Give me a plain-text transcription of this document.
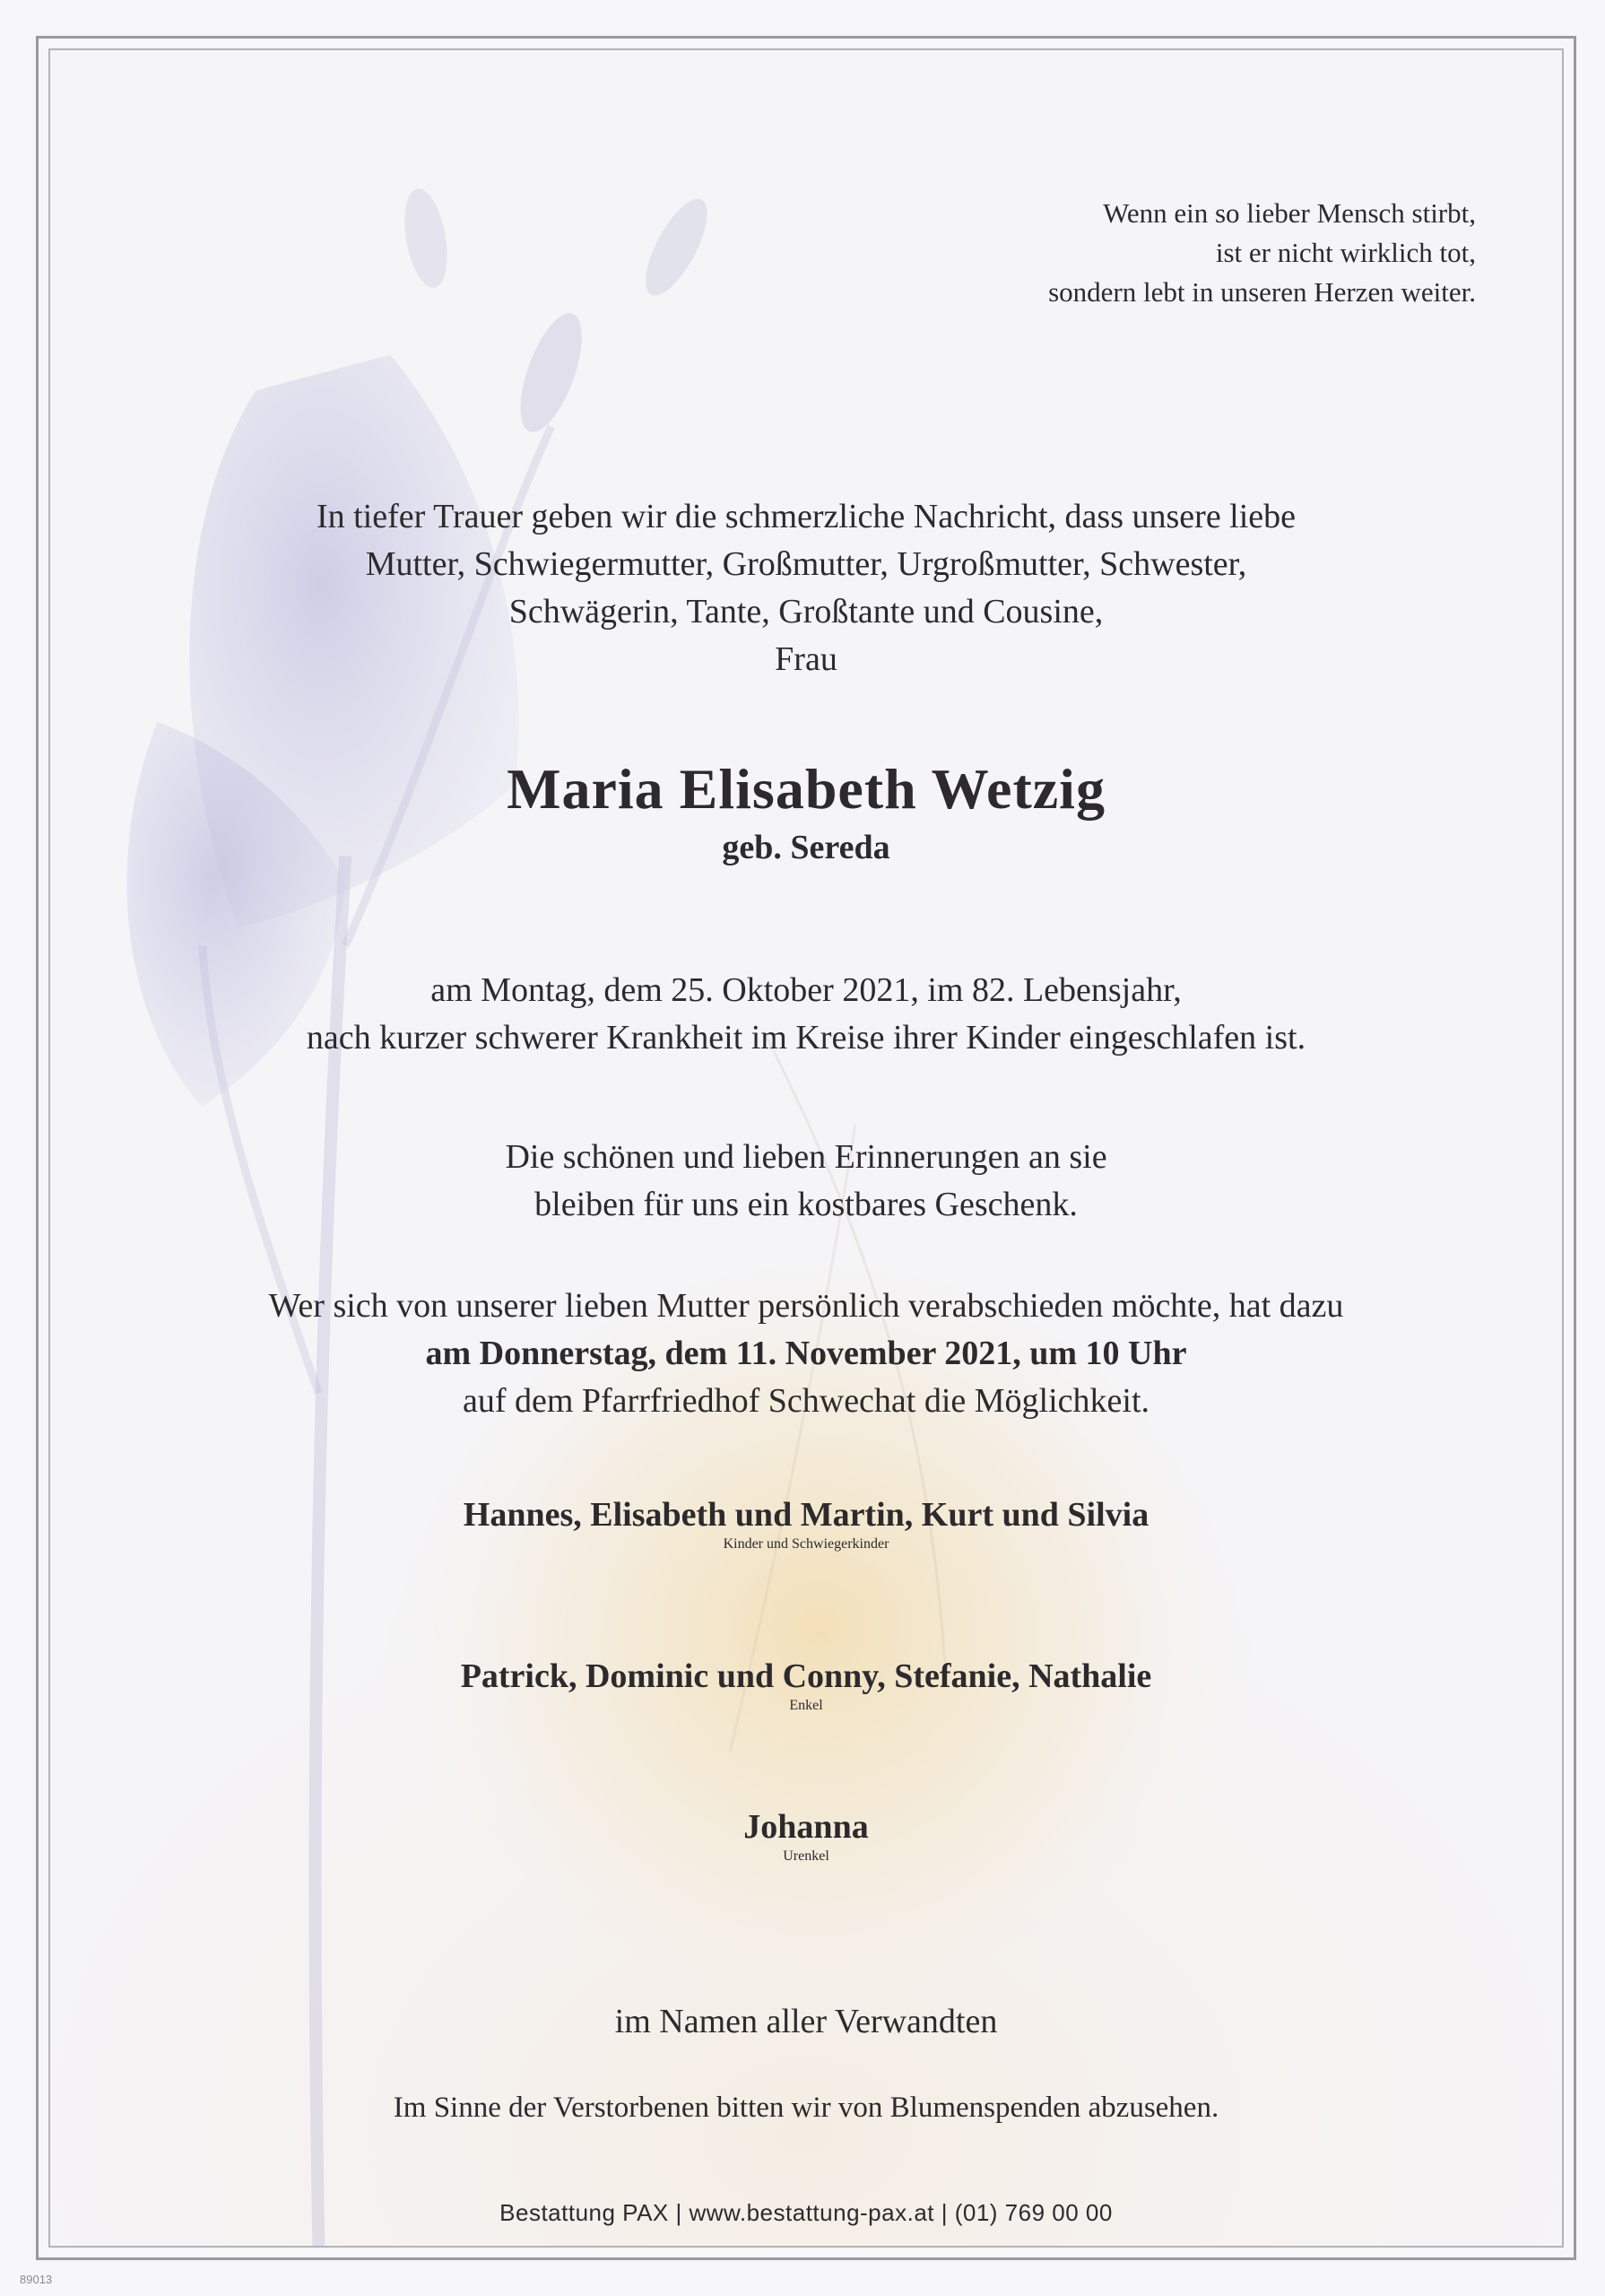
Wenn ein so lieber Mensch stirbt,
ist er nicht wirklich tot,
sondern lebt in unseren Herzen weiter.
In tiefer Trauer geben wir die schmerzliche Nachricht, dass unsere liebe
Mutter, Schwiegermutter, Großmutter, Urgroßmutter, Schwester,
Schwägerin, Tante, Großtante und Cousine,
Frau
Maria Elisabeth Wetzig
geb. Sereda
am Montag, dem 25. Oktober 2021, im 82. Lebensjahr,
nach kurzer schwerer Krankheit im Kreise ihrer Kinder eingeschlafen ist.
Die schönen und lieben Erinnerungen an sie
bleiben für uns ein kostbares Geschenk.
Wer sich von unserer lieben Mutter persönlich verabschieden möchte, hat dazu
am Donnerstag, dem 11. November 2021, um 10 Uhr
auf dem Pfarrfriedhof Schwechat die Möglichkeit.
Hannes, Elisabeth und Martin, Kurt und Silvia
Kinder und Schwiegerkinder
Patrick, Dominic und Conny, Stefanie, Nathalie
Enkel
Johanna
Urenkel
im Namen aller Verwandten
Im Sinne der Verstorbenen bitten wir von Blumenspenden abzusehen.
Bestattung PAX | www.bestattung-pax.at | (01) 769 00 00
89013
